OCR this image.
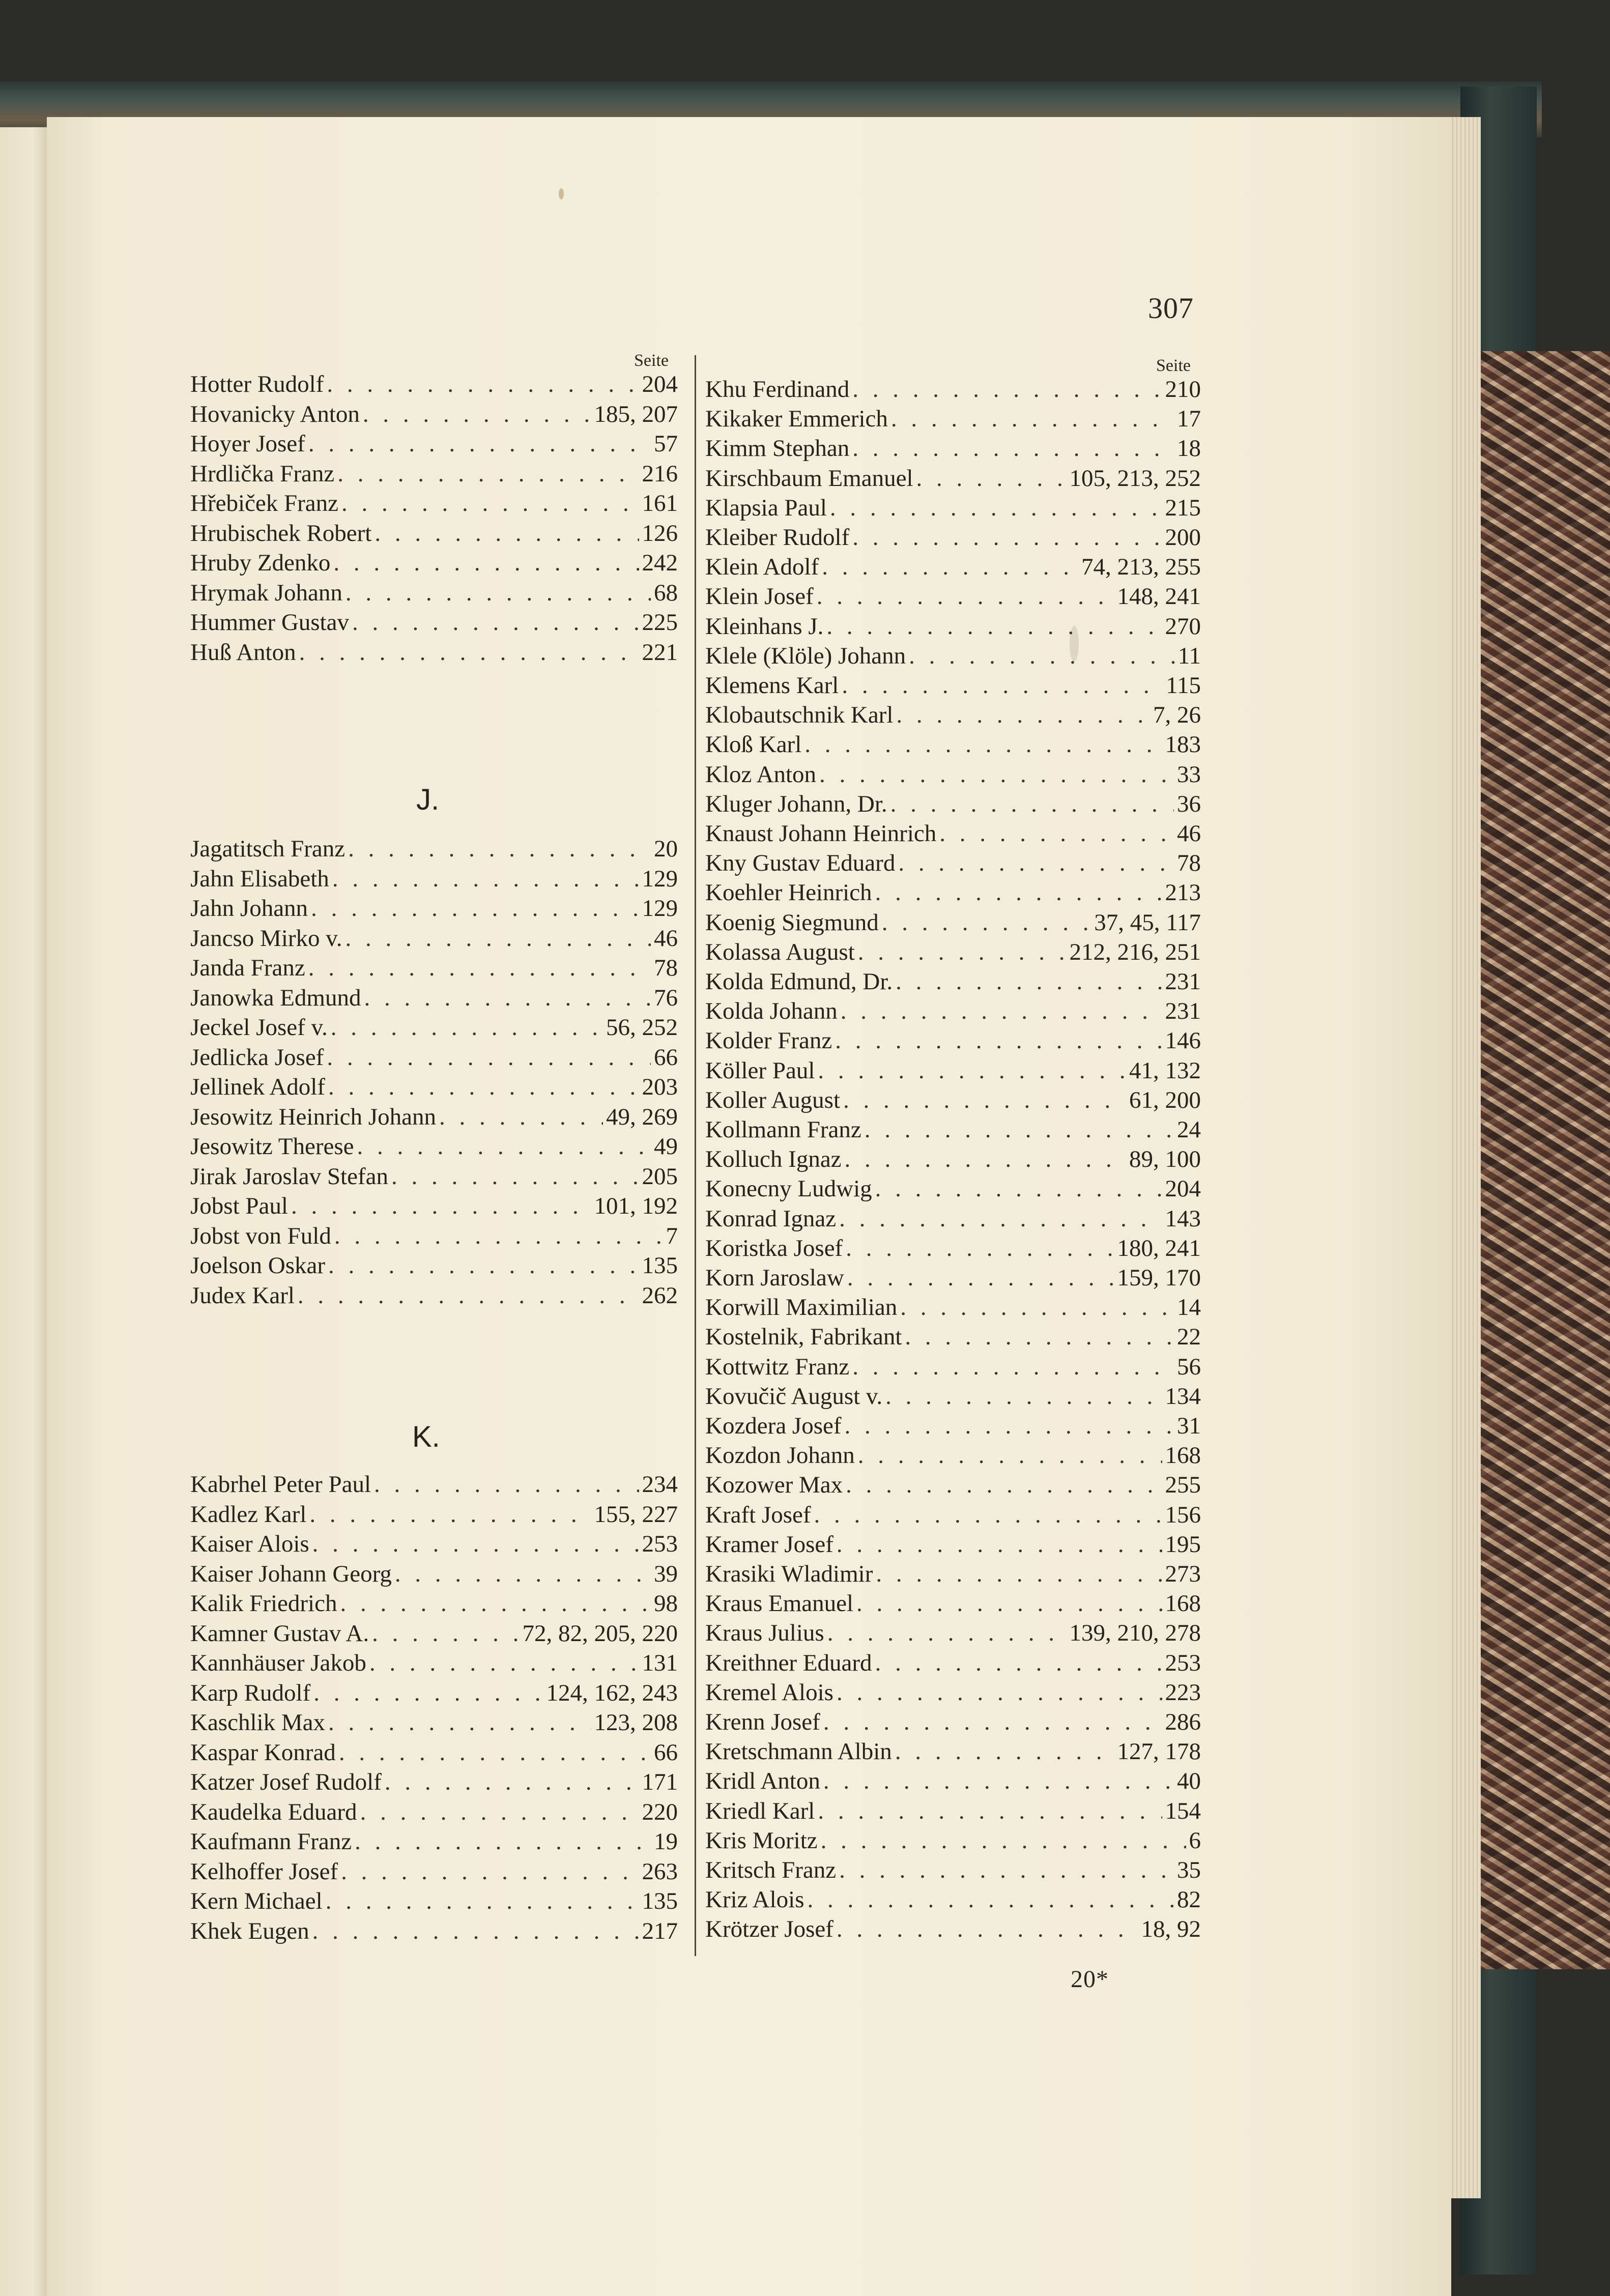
307
Seite	Seite
J.
K.
Hotter Rudolf . . .	204
Hovanicky Anton . . .	185, 207
Hoyer Josef . . .	57
Hrdlička Franz . . .	216
Hřebiček Franz . . .	161
Hrubischek Robert . . .	126
Hruby Zdenko . . .	242
Hrymak Johann . . .	68
Hummer Gustav . . .	225
Huß Anton . . .	221
Jagatitsch Franz . . .	20
Jahn Elisabeth . . .	129
Jahn Johann . . .	129
Jancso Mirko v. . . .	46
Janda Franz . . .	78
Janowka Edmund . . .	76
Jeckel Josef v. . . .	56, 252
Jedlicka Josef . . .	66
Jellinek Adolf . . .	203
Jesowitz Heinrich Johann . . .	49, 269
Jesowitz Therese . . .	49
Jirak Jaroslav Stefan . . .	205
Jobst Paul . . .	101, 192
Jobst von Fuld . . .	7
Joelson Oskar . . .	135
Judex Karl . . .	262
Kabrhel Peter Paul . . .	234
Kadlez Karl . . .	155, 227
Kaiser Alois . . .	253
Kaiser Johann Georg . . .	39
Kalik Friedrich . . .	98
Kamner Gustav A. . . .	72, 82, 205, 220
Kannhäuser Jakob . . .	131
Karp Rudolf . . .	124, 162, 243
Kaschlik Max . . .	123, 208
Kaspar Konrad . . .	66
Katzer Josef Rudolf . . .	171
Kaudelka Eduard . . .	220
Kaufmann Franz . . .	19
Kelhoffer Josef . . .	263
Kern Michael . . .	135
Khek Eugen . . .	217
Khu Ferdinand . . .	210
Kikaker Emmerich . . .	17
Kimm Stephan . . .	18
Kirschbaum Emanuel . . .	105, 213, 252
Klapsia Paul . . .	215
Kleiber Rudolf . . .	200
Klein Adolf . . .	74, 213, 255
Klein Josef . . .	148, 241
Kleinhans J. . . .	270
Klele (Klöle) Johann . . .	11
Klemens Karl . . .	115
Klobautschnik Karl . . .	7, 26
Kloß Karl . . .	183
Kloz Anton . . .	33
Kluger Johann, Dr. . . .	36
Knaust Johann Heinrich . . .	46
Kny Gustav Eduard . . .	78
Koehler Heinrich . . .	213
Koenig Siegmund . . .	37, 45, 117
Kolassa August . . .	212, 216, 251
Kolda Edmund, Dr. . . .	231
Kolda Johann . . .	231
Kolder Franz . . .	146
Köller Paul . . .	41, 132
Koller August . . .	61, 200
Kollmann Franz . . .	24
Kolluch Ignaz . . .	89, 100
Konecny Ludwig . . .	204
Konrad Ignaz . . .	143
Koristka Josef . . .	180, 241
Korn Jaroslaw . . .	159, 170
Korwill Maximilian . . .	14
Kostelnik, Fabrikant . . .	22
Kottwitz Franz . . .	56
Kovučič August v. . . .	134
Kozdera Josef . . .	31
Kozdon Johann . . .	168
Kozower Max . . .	255
Kraft Josef . . .	156
Kramer Josef . . .	195
Krasiki Wladimir . . .	273
Kraus Emanuel . . .	168
Kraus Julius . . .	139, 210, 278
Kreithner Eduard . . .	253
Kremel Alois . . .	223
Krenn Josef . . .	286
Kretschmann Albin . . .	127, 178
Kridl Anton . . .	40
Kriedl Karl . . .	154
Kris Moritz . . .	6
Kritsch Franz . . .	35
Kriz Alois . . .	82
Krötzer Josef . . .	18, 92
20*
